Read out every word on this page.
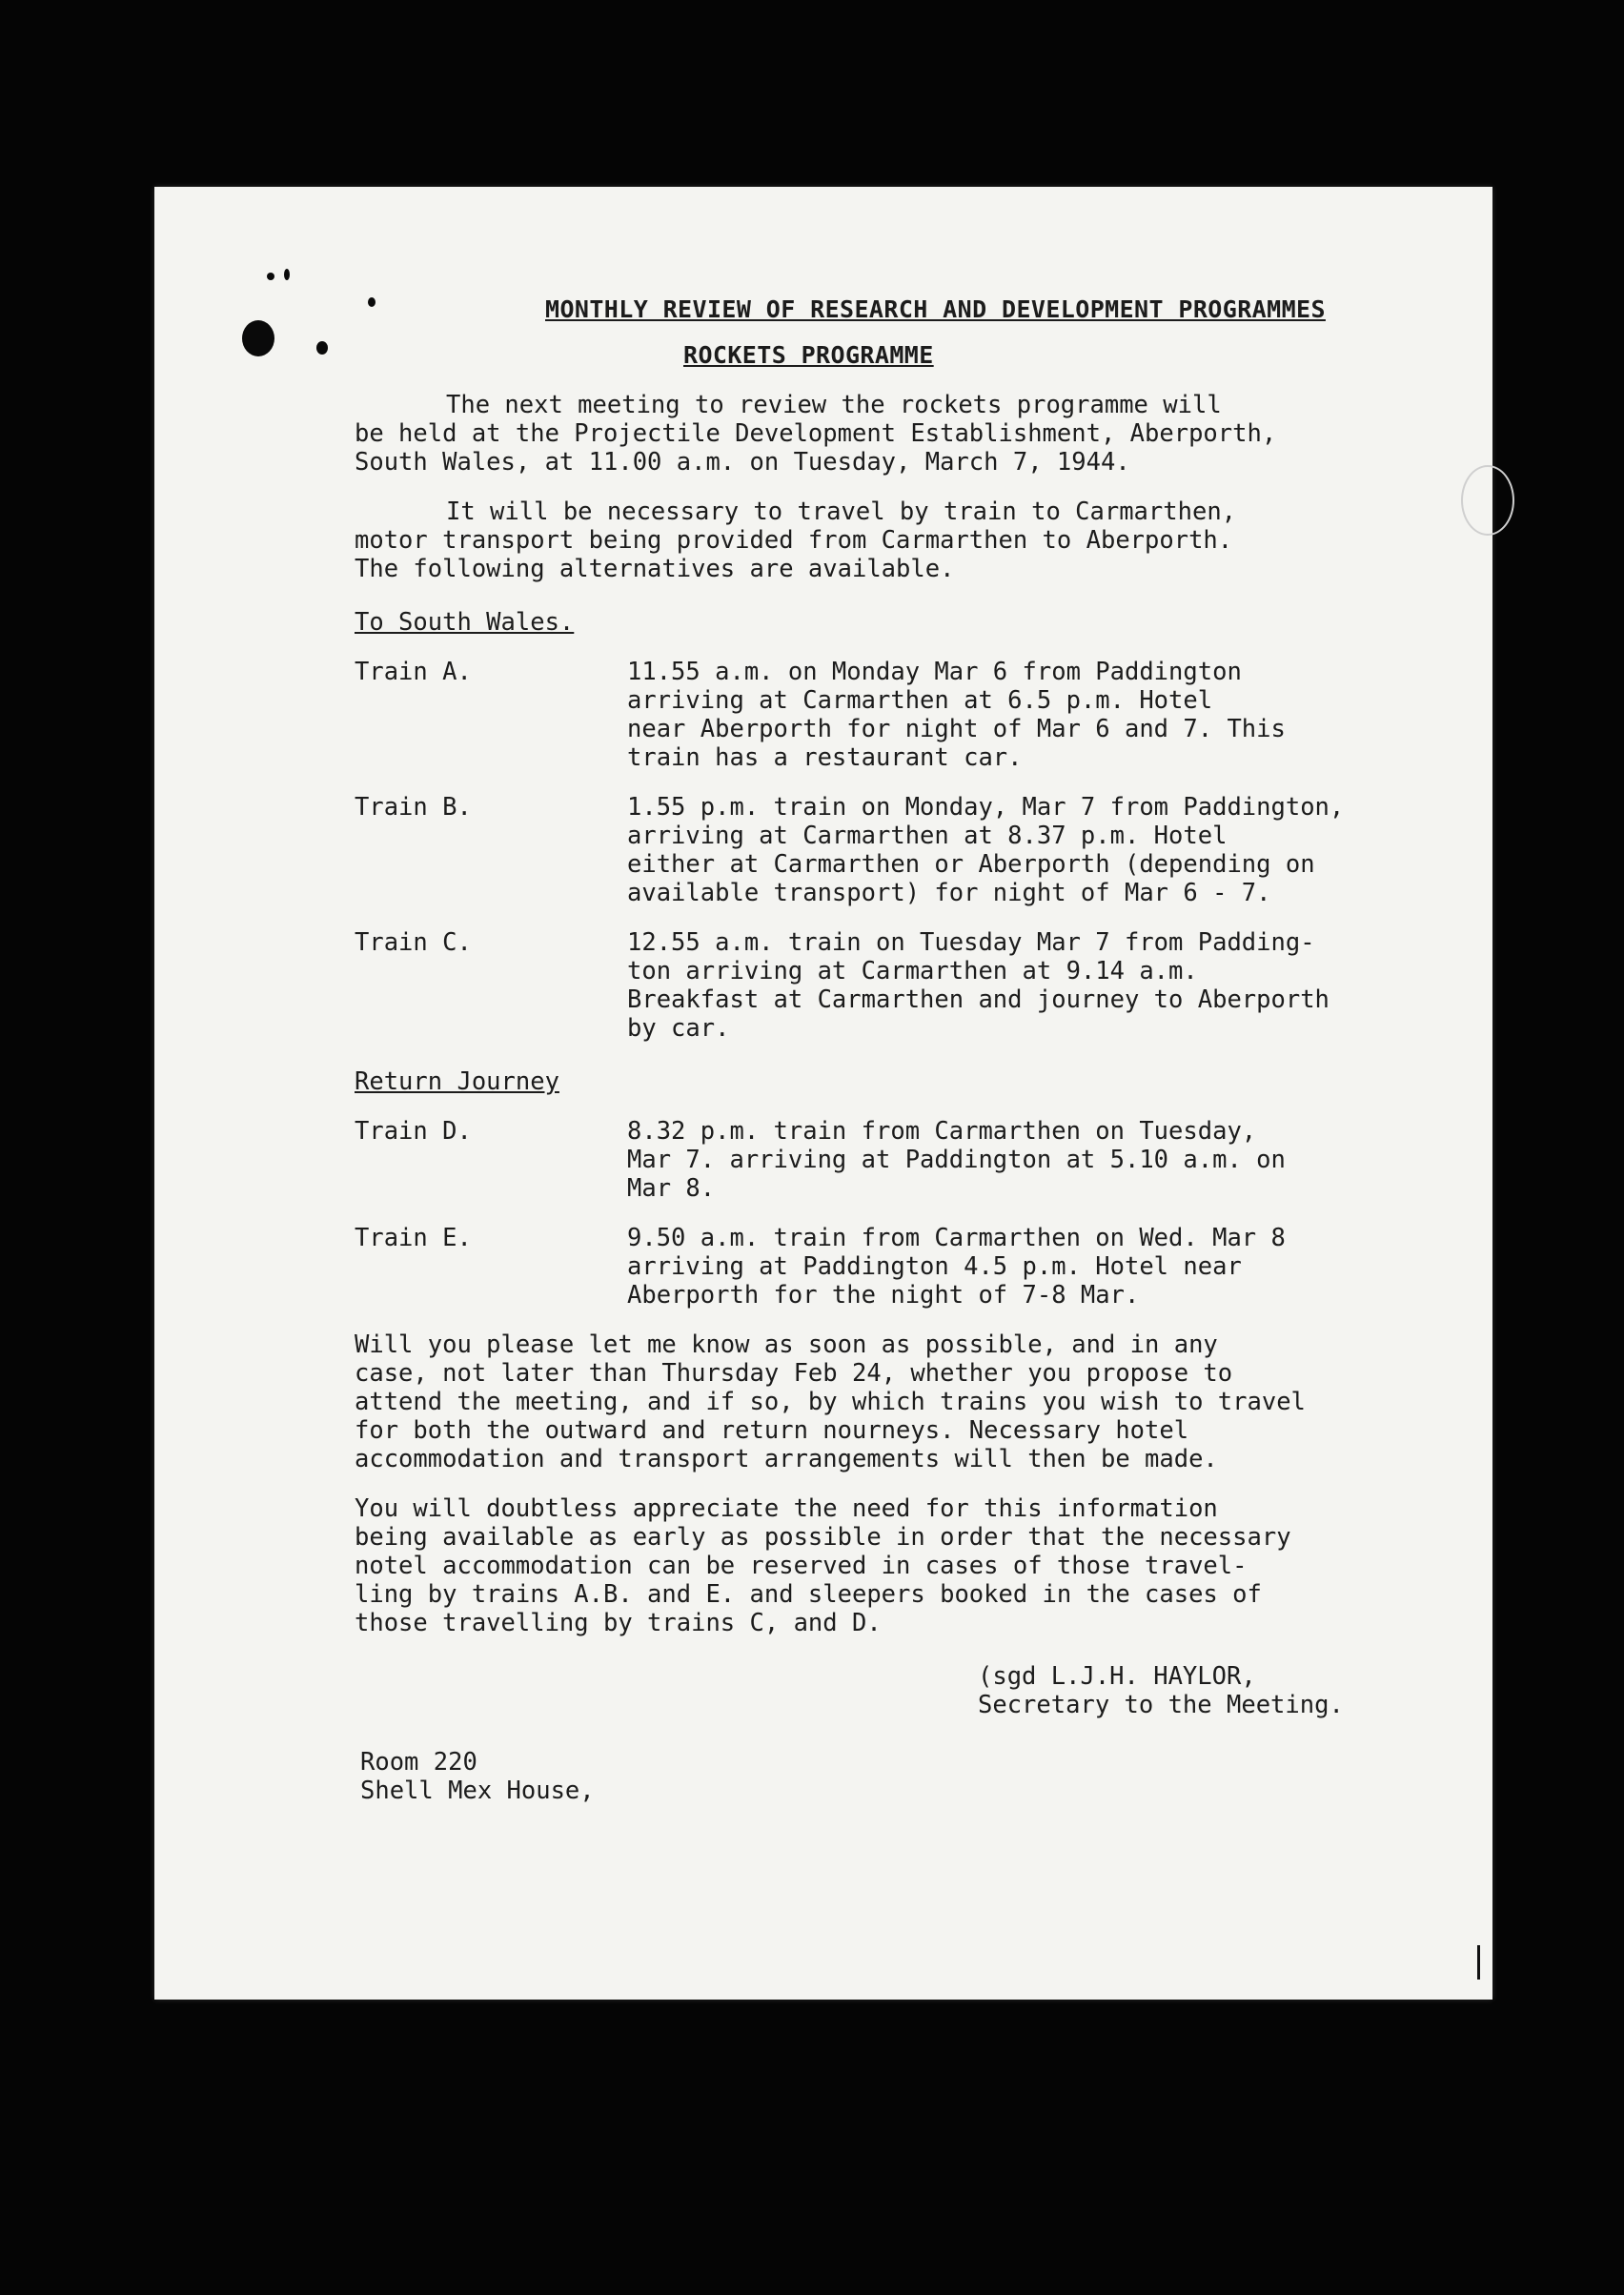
MONTHLY REVIEW OF RESEARCH AND DEVELOPMENT PROGRAMMES
ROCKETS PROGRAMME
The next meeting to review the rockets programme will
be held at the Projectile Development Establishment, Aberporth,
South Wales, at 11.00 a.m. on Tuesday, March 7, 1944.
It will be necessary to travel by train to Carmarthen,
motor transport being provided from Carmarthen to Aberporth.
The following alternatives are available.
To South Wales.
Train A.	11.55 a.m. on Monday Mar 6 from Paddington
arriving at Carmarthen at 6.5 p.m. Hotel
near Aberporth for night of Mar 6 and 7. This
train has a restaurant car.
Train B.	1.55 p.m. train on Monday, Mar 7 from Paddington,
arriving at Carmarthen at 8.37 p.m. Hotel
either at Carmarthen or Aberporth (depending on
available transport) for night of Mar 6 - 7.
Train C.	12.55 a.m. train on Tuesday Mar 7 from Padding-
ton arriving at Carmarthen at 9.14 a.m.
Breakfast at Carmarthen and journey to Aberporth
by car.
Return Journey
Train D.	8.32 p.m. train from Carmarthen on Tuesday,
Mar 7. arriving at Paddington at 5.10 a.m. on
Mar 8.
Train E.	9.50 a.m. train from Carmarthen on Wed. Mar 8
arriving at Paddington 4.5 p.m. Hotel near
Aberporth for the night of 7-8 Mar.
Will you please let me know as soon as possible, and in any
case, not later than Thursday Feb 24, whether you propose to
attend the meeting, and if so, by which trains you wish to travel
for both the outward and return nourneys. Necessary hotel
accommodation and transport arrangements will then be made.
You will doubtless appreciate the need for this information
being available as early as possible in order that the necessary
notel accommodation can be reserved in cases of those travel-
ling by trains A.B. and E. and sleepers booked in the cases of
those travelling by trains C, and D.
(sgd L.J.H. HAYLOR,
Secretary to the Meeting.
Room 220
Shell Mex House,
